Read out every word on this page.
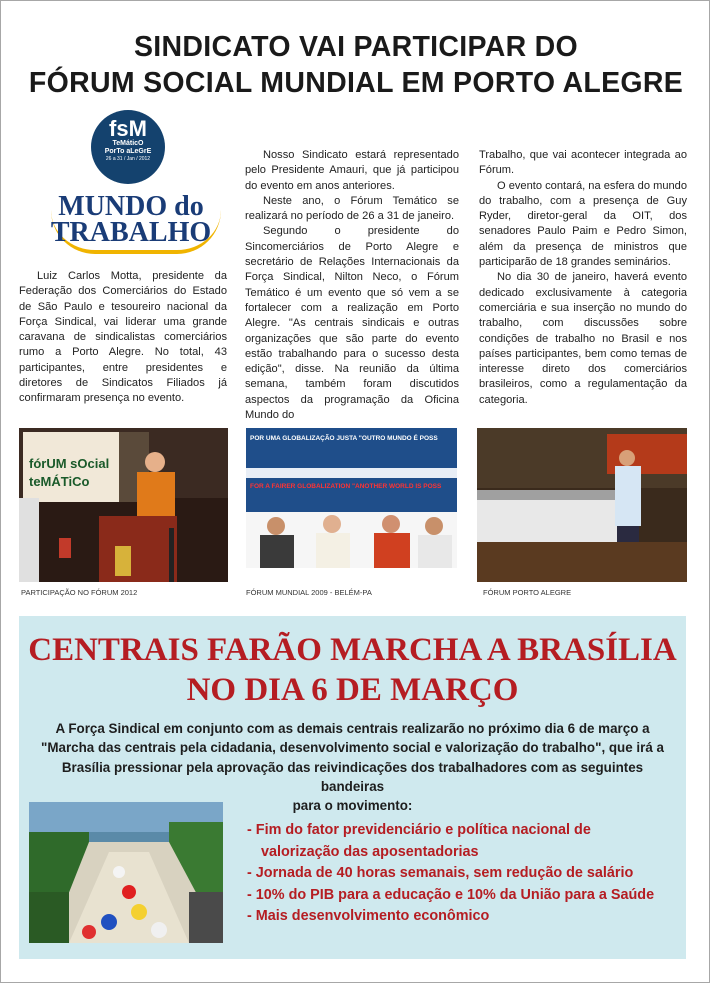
SINDICATO VAI PARTICIPAR DO
FÓRUM SOCIAL MUNDIAL EM PORTO ALEGRE
fsM
TeMáticO
PorTo aLeGrE
26 a 31 / Jan / 2012
MUNDO do
TRABALHO

Luiz Carlos Motta, presidente da Federação dos Comerciários do Estado de São Paulo e tesoureiro nacional da Força Sindical, vai liderar uma grande caravana de sindicalistas comerciários rumo a Porto Alegre. No total, 43 participantes, entre presidentes e diretores de Sindicatos Filiados já confirmaram presença no evento.

Nosso Sindicato estará representado pelo Presidente Amauri, que já participou do evento em anos anteriores.

Neste ano, o Fórum Temático se realizará no período de 26 a 31 de janeiro.

Segundo o presidente do Sincomerciários de Porto Alegre e secretário de Relações Internacionais da Força Sindical, Nilton Neco, o Fórum Temático é um evento que só vem a se fortalecer com a realização em Porto Alegre. "As centrais sindicais e outras organizações que são parte do evento estão trabalhando para o sucesso desta edição", disse. Na reunião da última semana, também foram discutidos aspectos da programação da Oficina Mundo do

Trabalho, que vai acontecer integrada ao Fórum.

O evento contará, na esfera do mundo do trabalho, com a presença de Guy Ryder, diretor-geral da OIT, dos senadores Paulo Paim e Pedro Simon, além da presença de ministros que participarão de 18 grandes seminários.

No dia 30 de janeiro, haverá evento dedicado exclusivamente à categoria comerciária e sua inserção no mundo do trabalho, com discussões sobre condições de trabalho no Brasil e nos países participantes, bem como temas de interesse direto dos comerciários brasileiros, como a regulamentação da categoria.

fórUM sOcial
teMÁTiCo
PARTICIPAÇÃO NO FÓRUM 2012
POR UMA GLOBALIZAÇÃO JUSTA "OUTRO MUNDO É POSS
FOR A FAIRER GLOBALIZATION "ANOTHER WORLD IS POSS
FÓRUM MUNDIAL 2009 - BELÉM-PA	FÓRUM PORTO ALEGRE
CENTRAIS FARÃO MARCHA A BRASÍLIA
NO DIA 6 DE MARÇO
A Força Sindical em conjunto com as demais centrais realizarão no próximo dia 6 de março a
"Marcha das centrais pela cidadania, desenvolvimento social e valorização do trabalho", que irá a
Brasília pressionar pela aprovação das reivindicações dos trabalhadores com as seguintes bandeiras
para o movimento:
- Fim do fator previdenciário e política nacional de
valorização das aposentadorias
- Jornada de 40 horas semanais, sem redução de salário
- 10% do PIB para a educação e 10% da União para a Saúde
- Mais desenvolvimento econômico
